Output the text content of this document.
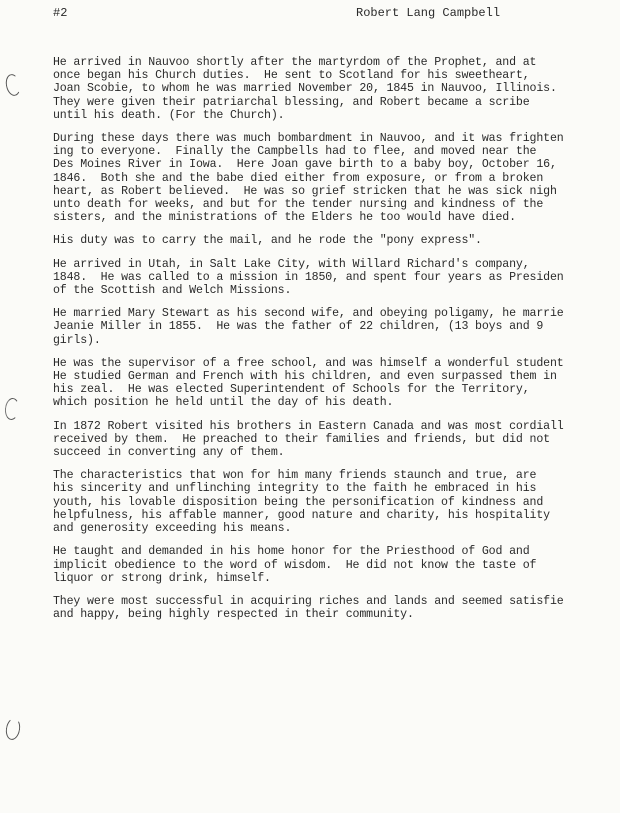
#2	Robert Lang Campbell

He arrived in Nauvoo shortly after the martyrdom of the Prophet, and at
once began his Church duties.  He sent to Scotland for his sweetheart,
Joan Scobie, to whom he was married November 20, 1845 in Nauvoo, Illinois.
They were given their patriarchal blessing, and Robert became a scribe
until his death. (For the Church).

During these days there was much bombardment in Nauvoo, and it was frighten
ing to everyone.  Finally the Campbells had to flee, and moved near the
Des Moines River in Iowa.  Here Joan gave birth to a baby boy, October 16,
1846.  Both she and the babe died either from exposure, or from a broken
heart, as Robert believed.  He was so grief stricken that he was sick nigh
unto death for weeks, and but for the tender nursing and kindness of the
sisters, and the ministrations of the Elders he too would have died.

His duty was to carry the mail, and he rode the "pony express".

He arrived in Utah, in Salt Lake City, with Willard Richard's company,
1848.  He was called to a mission in 1850, and spent four years as Presiden
of the Scottish and Welch Missions.

He married Mary Stewart as his second wife, and obeying poligamy, he marrie
Jeanie Miller in 1855.  He was the father of 22 children, (13 boys and 9
girls).

He was the supervisor of a free school, and was himself a wonderful student
He studied German and French with his children, and even surpassed them in
his zeal.  He was elected Superintendent of Schools for the Territory,
which position he held until the day of his death.

In 1872 Robert visited his brothers in Eastern Canada and was most cordiall
received by them.  He preached to their families and friends, but did not
succeed in converting any of them.

The characteristics that won for him many friends staunch and true, are
his sincerity and unflinching integrity to the faith he embraced in his
youth, his lovable disposition being the personification of kindness and
helpfulness, his affable manner, good nature and charity, his hospitality
and generosity exceeding his means.

He taught and demanded in his home honor for the Priesthood of God and
implicit obedience to the word of wisdom.  He did not know the taste of
liquor or strong drink, himself.

They were most successful in acquiring riches and lands and seemed satisfie
and happy, being highly respected in their community.
